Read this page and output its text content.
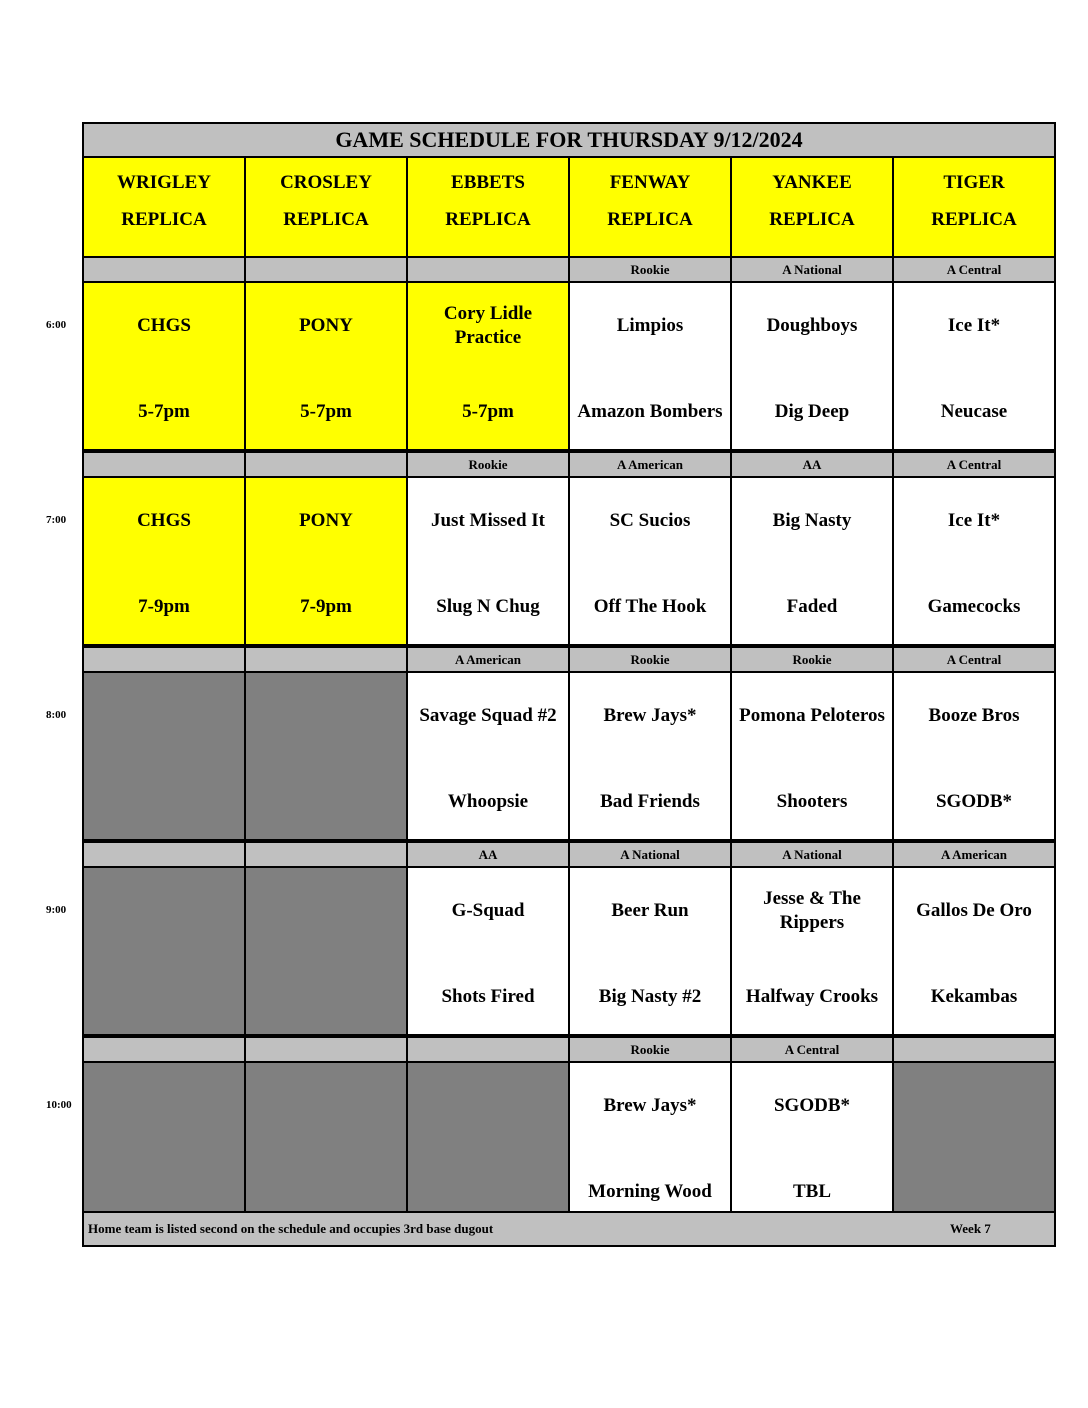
GAME SCHEDULE FOR THURSDAY 9/12/2024
WRIGLEY
REPLICA
CROSLEY
REPLICA
EBBETS
REPLICA
FENWAY
REPLICA
YANKEE
REPLICA
TIGER
REPLICA
CHGS
5-7pm
PONY
5-7pm
Cory Lidle Practice
5-7pm
Rookie
Limpios
Amazon Bombers
A National
Doughboys
Dig Deep
A Central
Ice It*
Neucase
CHGS
7-9pm
PONY
7-9pm
Rookie
Just Missed It
Slug N Chug
A American
SC Sucios
Off The Hook
AA
Big Nasty
Faded
A Central
Ice It*
Gamecocks
A American
Savage Squad #2
Whoopsie
Rookie
Brew Jays*
Bad Friends
Rookie
Pomona Peloteros
Shooters
A Central
Booze Bros
SGODB*
AA
G-Squad
Shots Fired
A National
Beer Run
Big Nasty #2
A National
Jesse & The Rippers
Halfway Crooks
A American
Gallos De Oro
Kekambas
Rookie
Brew Jays*
Morning Wood
A Central
SGODB*
TBL
Home team is listed second on the schedule and occupies 3rd base dugout	Week 7
6:00
7:00
8:00
9:00
10:00
